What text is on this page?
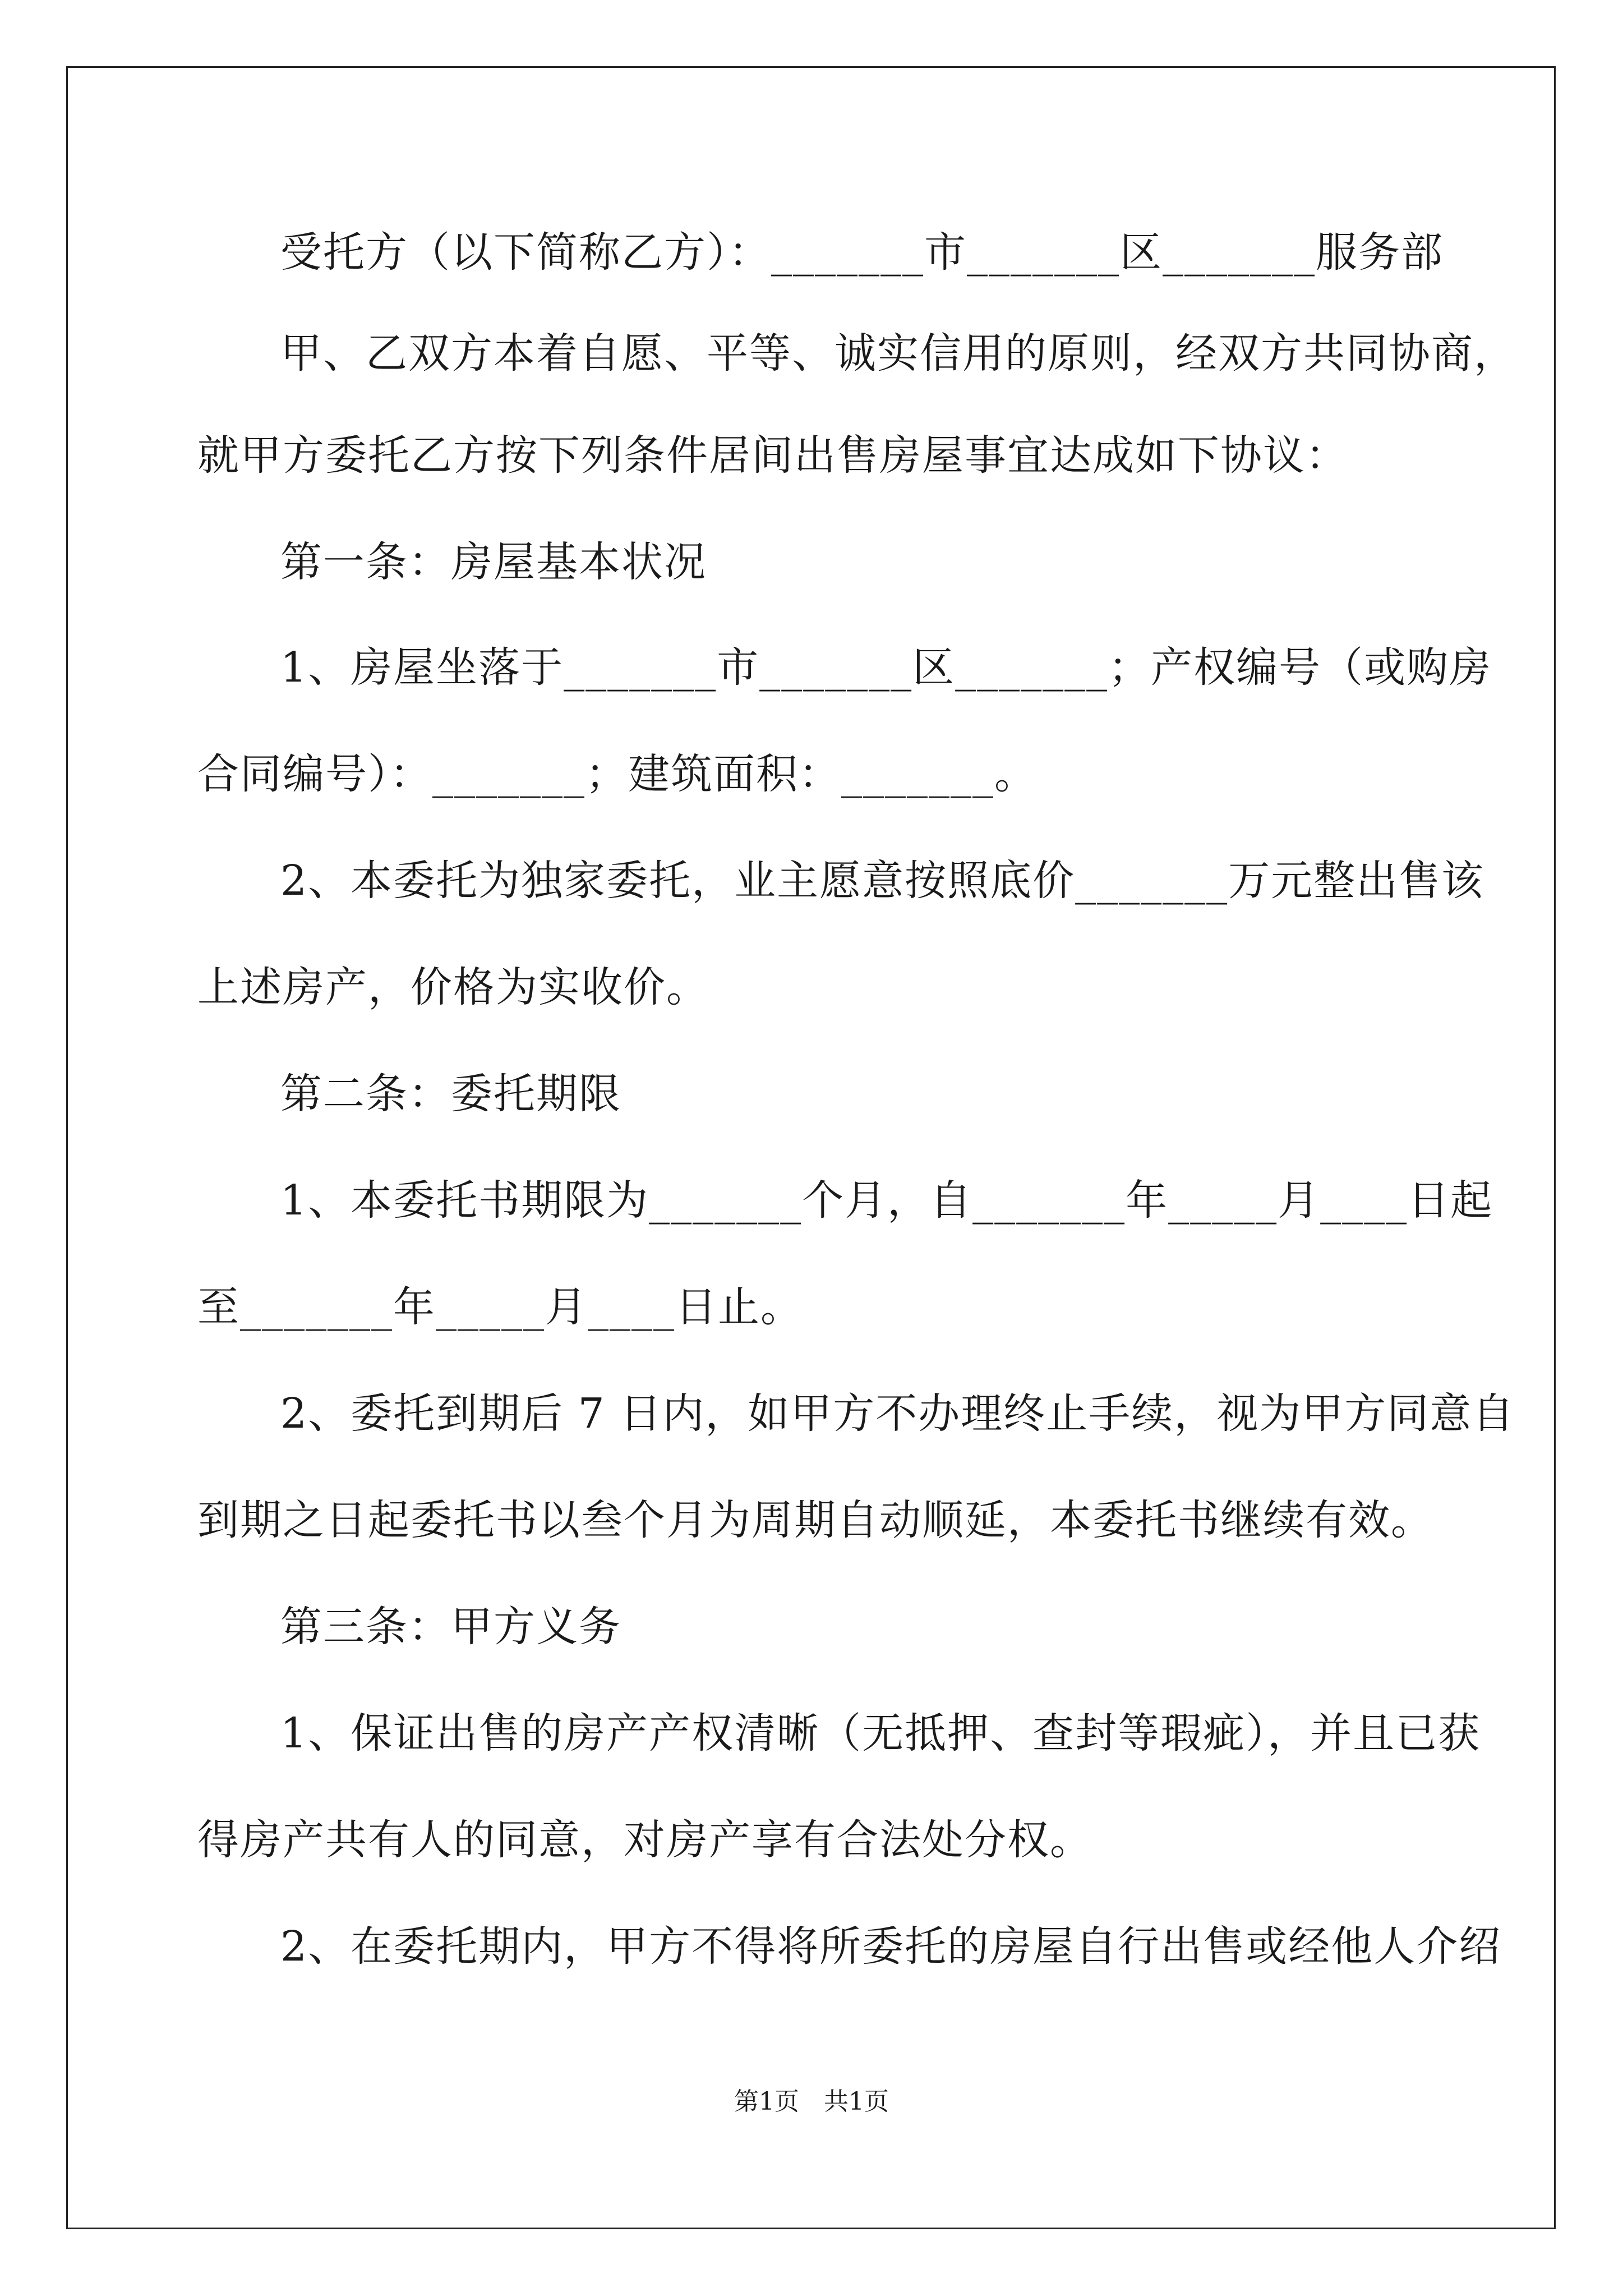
受托方（以下简称乙方）：_______市_______区_______服务部

甲、乙双方本着自愿、平等、诚实信用的原则，经双方共同协商，

就甲方委托乙方按下列条件居间出售房屋事宜达成如下协议：

第一条：房屋基本状况

1、房屋坐落于_______市_______区_______；产权编号（或购房

合同编号）：_______；建筑面积：_______。

2、本委托为独家委托，业主愿意按照底价_______万元整出售该

上述房产，价格为实收价。

第二条：委托期限

1、本委托书期限为_______个月，自_______年_____月____日起

至_______年_____月____日止。

2、委托到期后 7 日内，如甲方不办理终止手续，视为甲方同意自

到期之日起委托书以叁个月为周期自动顺延，本委托书继续有效。

第三条：甲方义务

1、保证出售的房产产权清晰（无抵押、查封等瑕疵），并且已获

得房产共有人的同意，对房产享有合法处分权。

2、在委托期内，甲方不得将所委托的房屋自行出售或经他人介绍

第1页　共1页
